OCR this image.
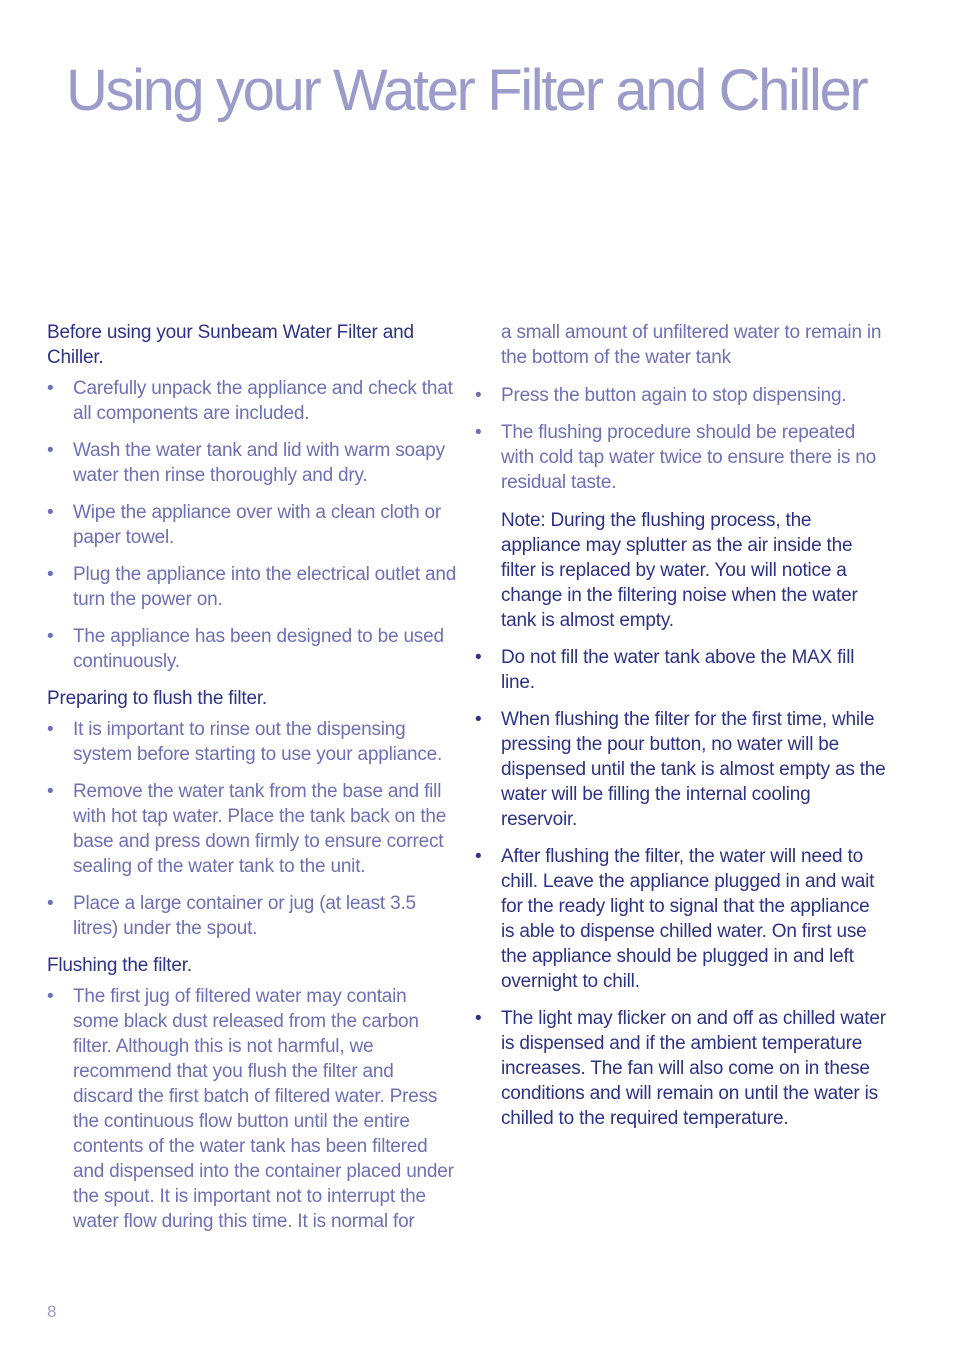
Using your Water Filter and Chiller

Before using your Sunbeam Water Filter and Chiller.

• Carefully unpack the appliance and check that all components are included.
• Wash the water tank and lid with warm soapy water then rinse thoroughly and dry.
• Wipe the appliance over with a clean cloth or paper towel.
• Plug the appliance into the electrical outlet and turn the power on.
• The appliance has been designed to be used continuously.

Preparing to flush the filter.

• It is important to rinse out the dispensing system before starting to use your appliance.
• Remove the water tank from the base and fill with hot tap water. Place the tank back on the base and press down firmly to ensure correct sealing of the water tank to the unit.
• Place a large container or jug (at least 3.5 litres) under the spout.

Flushing the filter.

• The first jug of filtered water may contain some black dust released from the carbon filter. Although this is not harmful, we recommend that you flush the filter and discard the first batch of filtered water. Press the continuous flow button until the entire contents of the water tank has been filtered and dispensed into the container placed under the spout. It is important not to interrupt the water flow during this time. It is normal for

a small amount of unfiltered water to remain in the bottom of the water tank

• Press the button again to stop dispensing.
• The flushing procedure should be repeated with cold tap water twice to ensure there is no residual taste.

Note: During the flushing process, the appliance may splutter as the air inside the filter is replaced by water. You will notice a change in the filtering noise when the water tank is almost empty.

• Do not fill the water tank above the MAX fill line.
• When flushing the filter for the first time, while pressing the pour button, no water will be dispensed until the tank is almost empty as the water will be filling the internal cooling reservoir.
• After flushing the filter, the water will need to chill. Leave the appliance plugged in and wait for the ready light to signal that the appliance is able to dispense chilled water. On first use the appliance should be plugged in and left overnight to chill.
• The light may flicker on and off as chilled water is dispensed and if the ambient temperature increases. The fan will also come on in these conditions and will remain on until the water is chilled to the required temperature.
8
